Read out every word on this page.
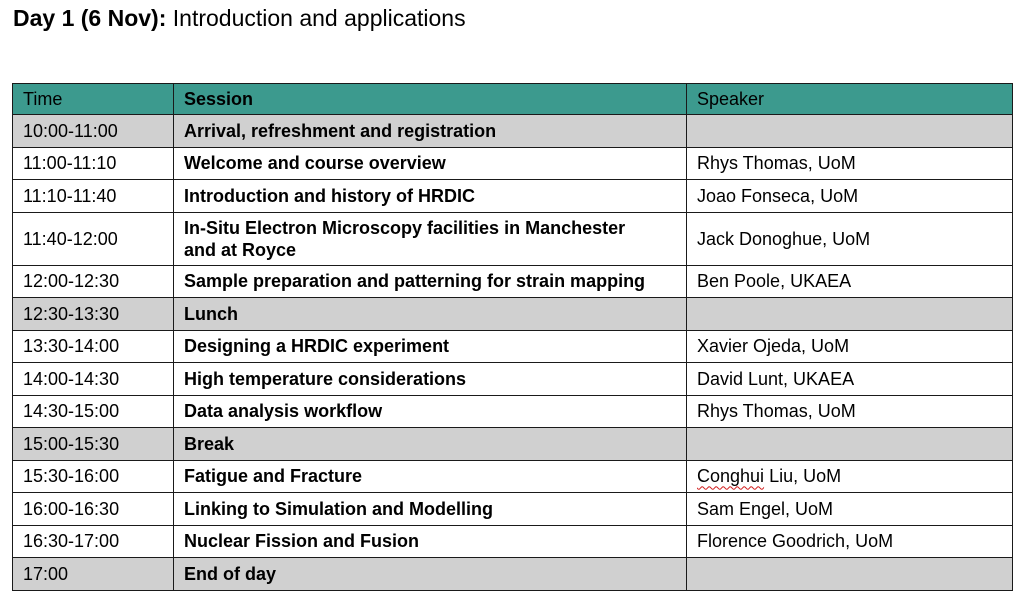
Day 1 (6 Nov): Introduction and applications
Time	Session	Speaker
10:00-11:00	Arrival, refreshment and registration	
11:00-11:10	Welcome and course overview	Rhys Thomas, UoM
11:10-11:40	Introduction and history of HRDIC	Joao Fonseca, UoM
11:40-12:00	In-Situ Electron Microscopy facilities in Manchester
and at Royce	Jack Donoghue, UoM
12:00-12:30	Sample preparation and patterning for strain mapping	Ben Poole, UKAEA
12:30-13:30	Lunch	
13:30-14:00	Designing a HRDIC experiment	Xavier Ojeda, UoM
14:00-14:30	High temperature considerations	David Lunt, UKAEA
14:30-15:00	Data analysis workflow	Rhys Thomas, UoM
15:00-15:30	Break	
15:30-16:00	Fatigue and Fracture	Conghui Liu, UoM
16:00-16:30	Linking to Simulation and Modelling	Sam Engel, UoM
16:30-17:00	Nuclear Fission and Fusion	Florence Goodrich, UoM
17:00	End of day	
